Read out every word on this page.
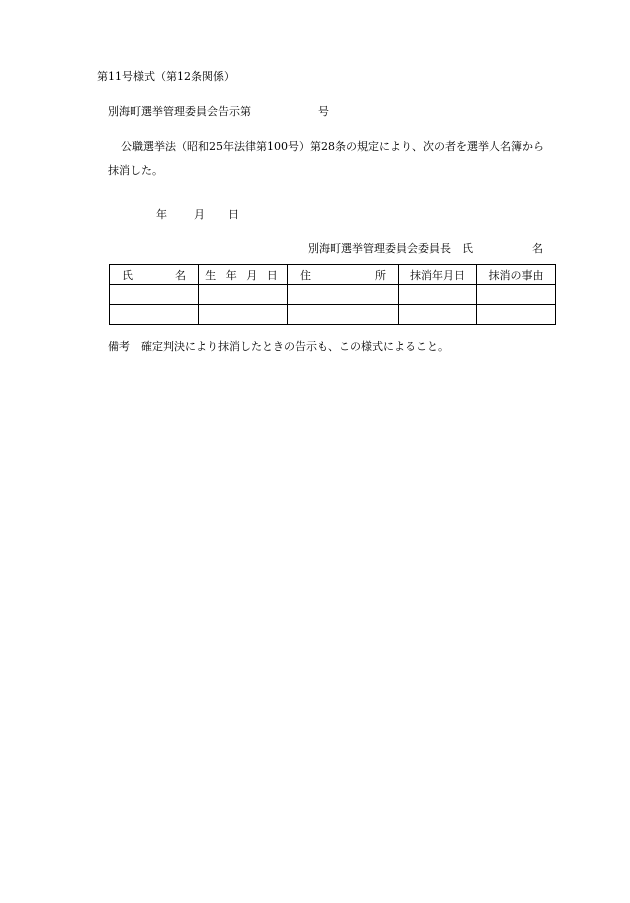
第11号様式（第12条関係）
別海町選挙管理委員会告示第	号
公職選挙法（昭和25年法律第100号）第28条の規定により、次の者を選挙人名簿から
抹消した。
年 月 日
別海町選挙管理委員会委員長　氏	名
氏 名	生 年 月 日	住 所	抹消年月日	抹消の事由

備考　確定判決により抹消したときの告示も、この様式によること。
